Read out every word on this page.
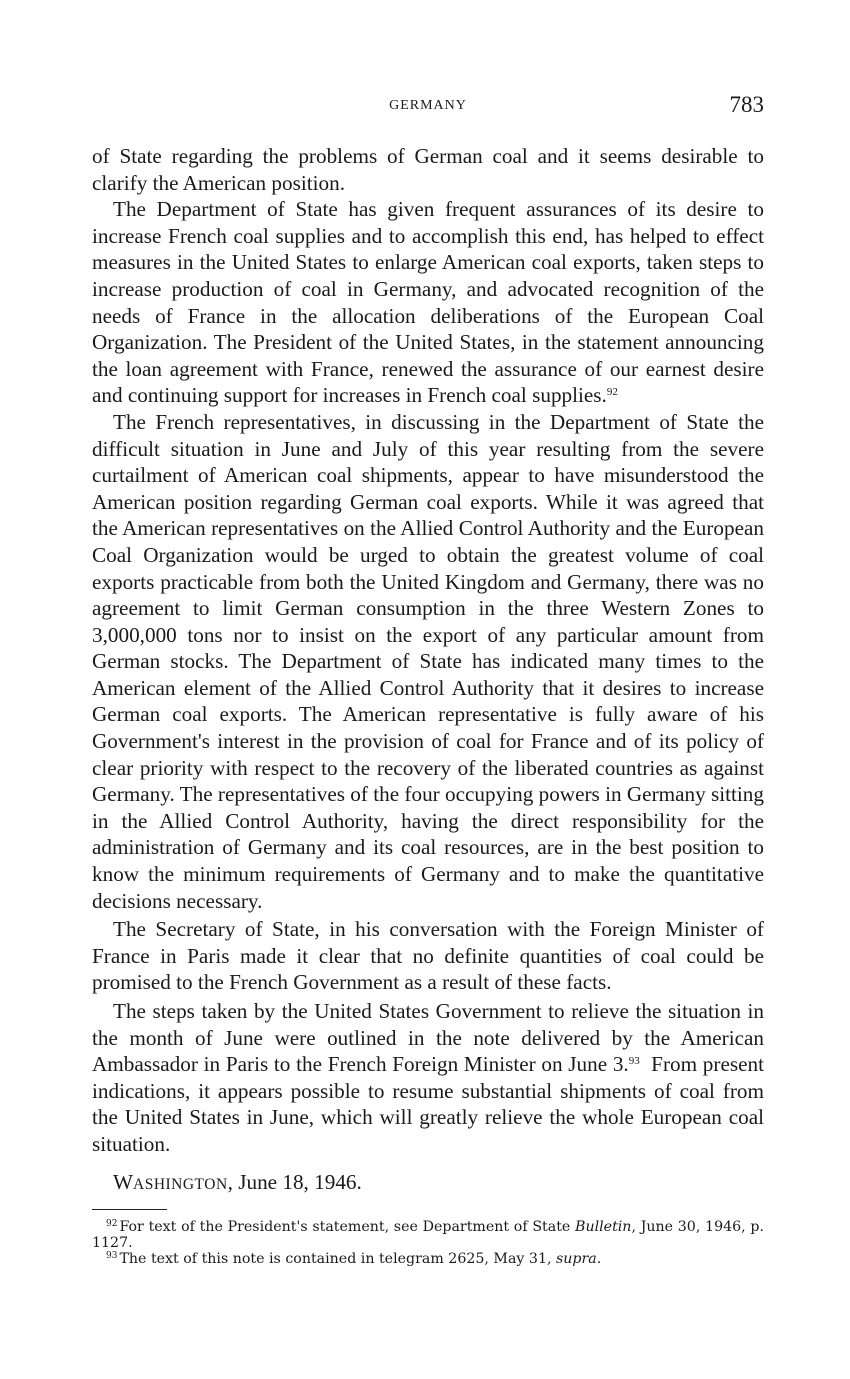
GERMANY	783

of State regarding the problems of German coal and it seems desirable to clarify the American position.

The Department of State has given frequent assurances of its desire to increase French coal supplies and to accomplish this end, has helped to effect measures in the United States to enlarge American coal exports, taken steps to increase production of coal in Germany, and advocated recognition of the needs of France in the allocation deliberations of the European Coal Organization. The President of the United States, in the statement announcing the loan agreement with France, renewed the assurance of our earnest desire and continuing support for increases in French coal supplies.$^{92}$

The French representatives, in discussing in the Department of State the difficult situation in June and July of this year resulting from the severe curtailment of American coal shipments, appear to have misunderstood the American position regarding German coal exports. While it was agreed that the American representatives on the Allied Control Authority and the European Coal Organization would be urged to obtain the greatest volume of coal exports practicable from both the United Kingdom and Germany, there was no agreement to limit German consumption in the three Western Zones to 3,000,000 tons nor to insist on the export of any particular amount from German stocks. The Department of State has indicated many times to the American element of the Allied Control Authority that it desires to increase German coal exports. The American representative is fully aware of his Government's interest in the provision of coal for France and of its policy of clear priority with respect to the recovery of the liberated countries as against Germany. The representatives of the four occupying powers in Germany sitting in the Allied Control Authority, having the direct responsibility for the administration of Germany and its coal resources, are in the best position to know the minimum requirements of Germany and to make the quantitative decisions necessary.

The Secretary of State, in his conversation with the Foreign Minister of France in Paris made it clear that no definite quantities of coal could be promised to the French Government as a result of these facts.

The steps taken by the United States Government to relieve the situation in the month of June were outlined in the note delivered by the American Ambassador in Paris to the French Foreign Minister on June 3.93 From present indications, it appears possible to resume substantial shipments of coal from the United States in June, which will greatly relieve the whole European coal situation.

WASHINGTON, June 18, 1946.

$^{92}$ For text of the President's statement, see Department of State Bulletin, June 30, 1946, p. 1127.

$^{93}$ The text of this note is contained in telegram 2625, May 31, supra.
